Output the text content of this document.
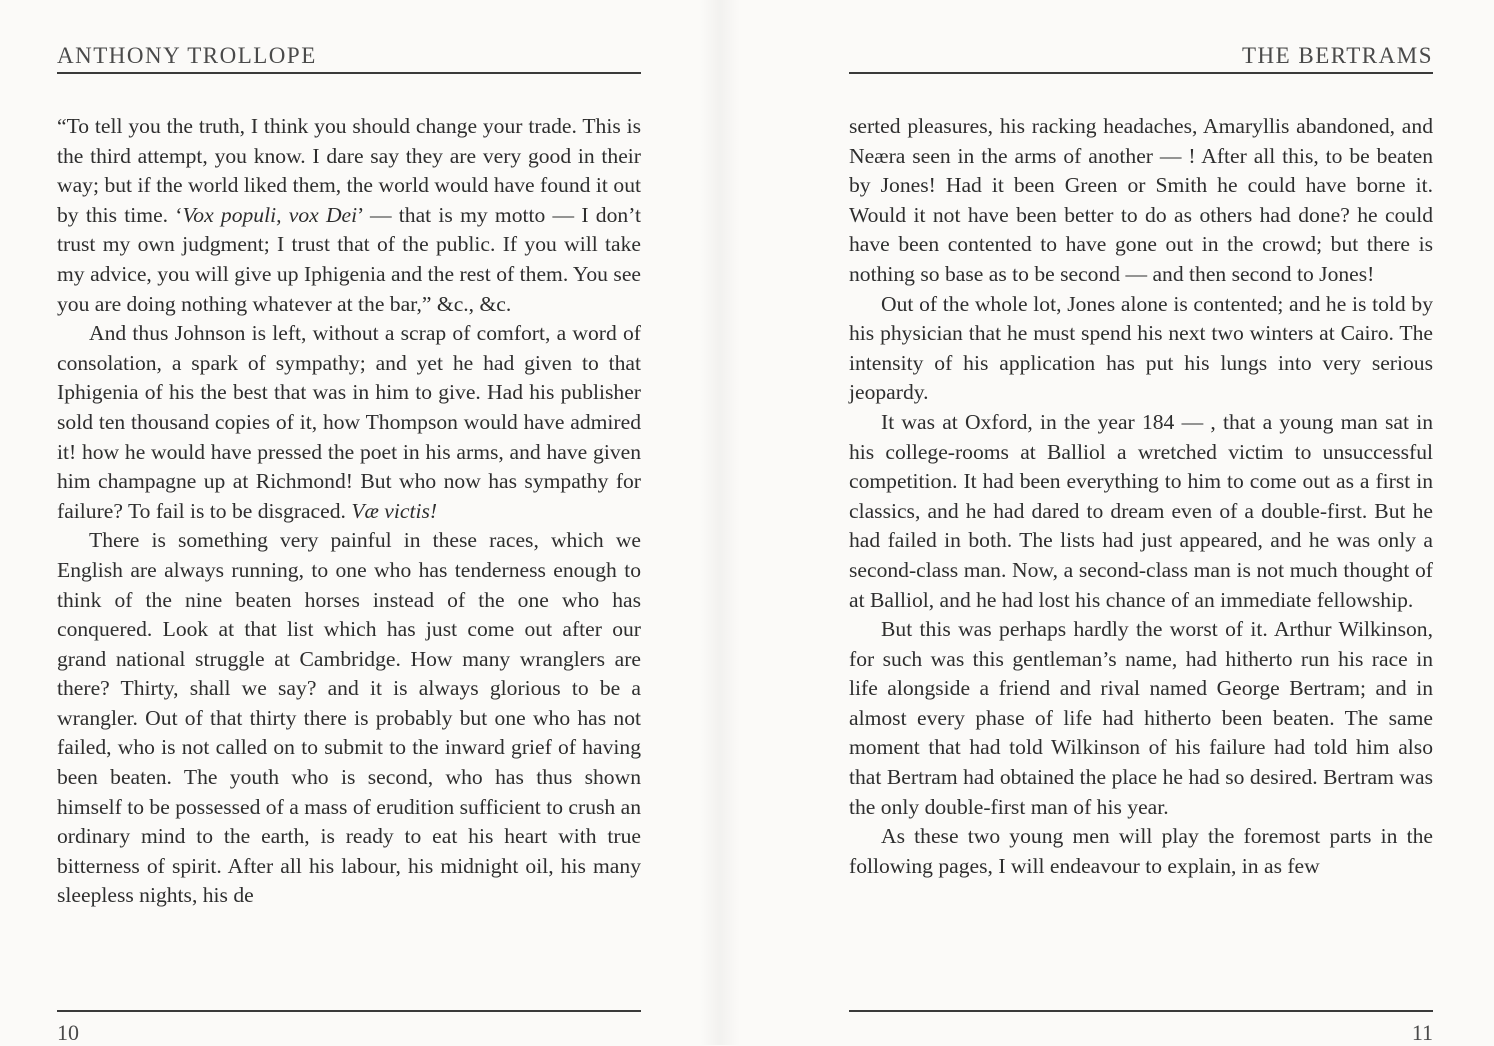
ANTHONY TROLLOPE

“To tell you the truth, I think you should change your trade. This is the third attempt, you know. I dare say they are very good in their way; but if the world liked them, the world would have found it out by this time. ‘Vox populi, vox Dei’ — that is my motto — I don’t trust my own judgment; I trust that of the public. If you will take my advice, you will give up Iphigenia and the rest of them. You see you are doing nothing whatever at the bar,” &c., &c.

And thus Johnson is left, without a scrap of comfort, a word of consolation, a spark of sympathy; and yet he had given to that Iphigenia of his the best that was in him to give. Had his publisher sold ten thousand copies of it, how Thompson would have admired it! how he would have pressed the poet in his arms, and have given him champagne up at Richmond! But who now has sympathy for failure? To fail is to be disgraced. Væ victis!

There is something very painful in these races, which we English are always running, to one who has tenderness enough to think of the nine beaten horses instead of the one who has conquered. Look at that list which has just come out after our grand national struggle at Cambridge. How many wranglers are there? Thirty, shall we say? and it is always glorious to be a wrangler. Out of that thirty there is probably but one who has not failed, who is not called on to submit to the inward grief of having been beaten. The youth who is second, who has thus shown himself to be possessed of a mass of erudition sufficient to crush an ordinary mind to the earth, is ready to eat his heart with true bitterness of spirit. After all his labour, his midnight oil, his many sleepless nights, his de

10
THE BERTRAMS

serted pleasures, his racking headaches, Amaryllis abandoned, and Neæra seen in the arms of another — ! After all this, to be beaten by Jones! Had it been Green or Smith he could have borne it. Would it not have been better to do as others had done? he could have been contented to have gone out in the crowd; but there is nothing so base as to be second — and then second to Jones!

Out of the whole lot, Jones alone is contented; and he is told by his physician that he must spend his next two winters at Cairo. The intensity of his application has put his lungs into very serious jeopardy.

It was at Oxford, in the year 184 — , that a young man sat in his college-rooms at Balliol a wretched victim to unsuccessful competition. It had been everything to him to come out as a first in classics, and he had dared to dream even of a double-first. But he had failed in both. The lists had just appeared, and he was only a second-class man. Now, a second-class man is not much thought of at Balliol, and he had lost his chance of an immediate fellowship.

But this was perhaps hardly the worst of it. Arthur Wilkinson, for such was this gentleman’s name, had hitherto run his race in life alongside a friend and rival named George Bertram; and in almost every phase of life had hitherto been beaten. The same moment that had told Wilkinson of his failure had told him also that Bertram had obtained the place he had so desired. Bertram was the only double-first man of his year.

As these two young men will play the foremost parts in the following pages, I will endeavour to explain, in as few

11
